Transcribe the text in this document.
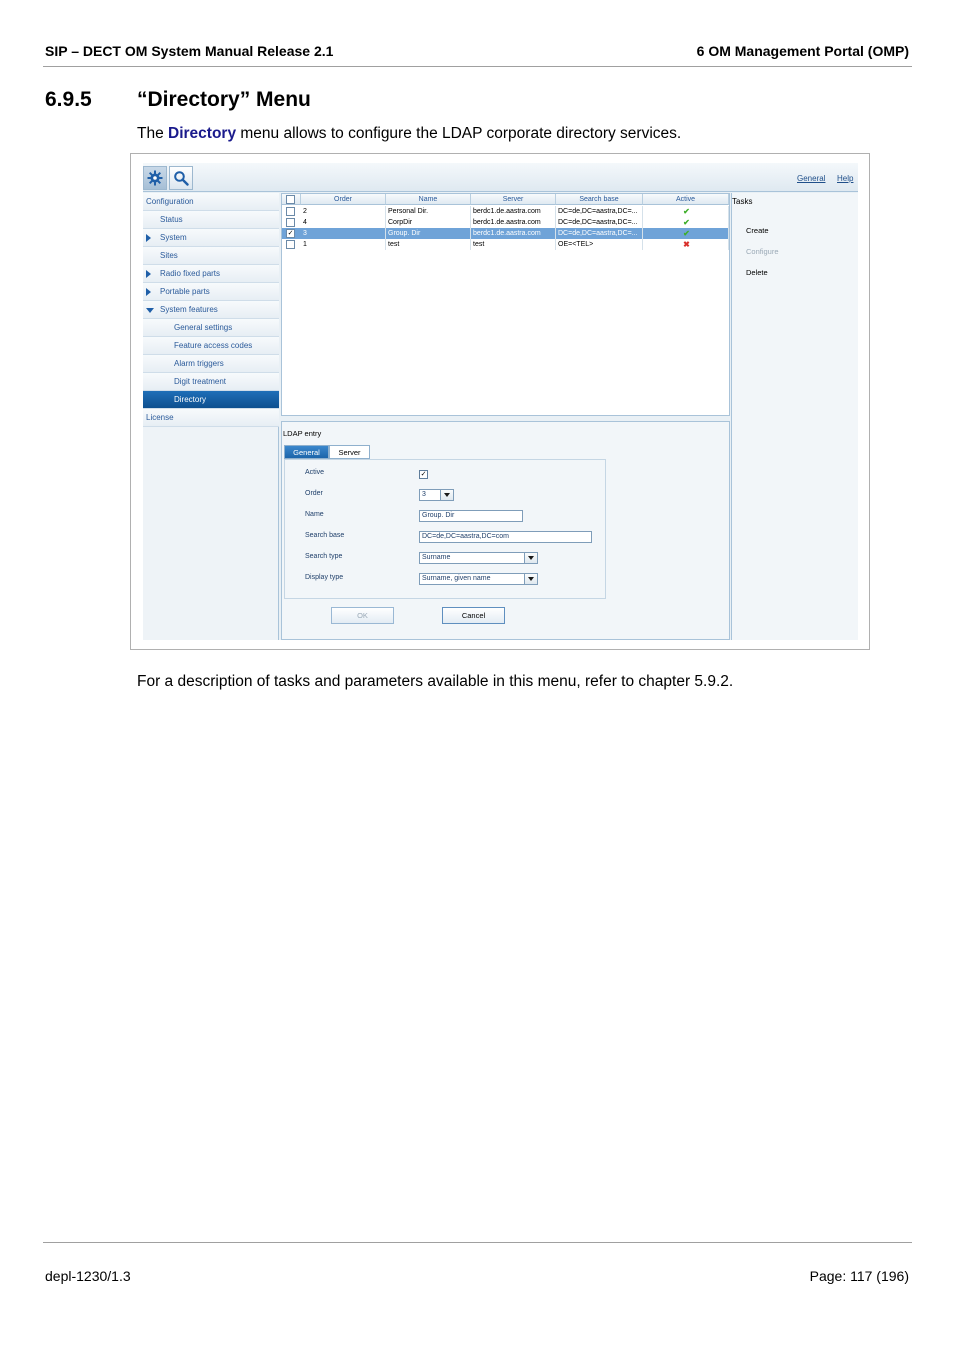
SIP – DECT OM System Manual Release 2.1	6 OM Management Portal (OMP)
6.9.5 “Directory” Menu
The Directory menu allows to configure the LDAP corporate directory services.
General Help
Configuration
Status
System
Sites
Radio fixed parts
Portable parts
System features
General settings
Feature access codes
Alarm triggers
Digit treatment
Directory
License
Order	Name	Server	Search base	Active
2	Personal Dir.	berdc1.de.aastra.com	DC=de,DC=aastra,DC=...	✔
4	CorpDir	berdc1.de.aastra.com	DC=de,DC=aastra,DC=...	✔
✓ 3	Group. Dir	berdc1.de.aastra.com	DC=de,DC=aastra,DC=...	✔
1	test	test	OE=<TEL>	✖
Tasks
Create
Configure
Delete
LDAP entry
General	Server
Active	✓
Order	3
Name	Group. Dir
Search base	DC=de,DC=aastra,DC=com
Search type	Surname
Display type	Surname, given name
OK	Cancel
For a description of tasks and parameters available in this menu, refer to chapter 5.9.2.
depl-1230/1.3	Page: 117 (196)
